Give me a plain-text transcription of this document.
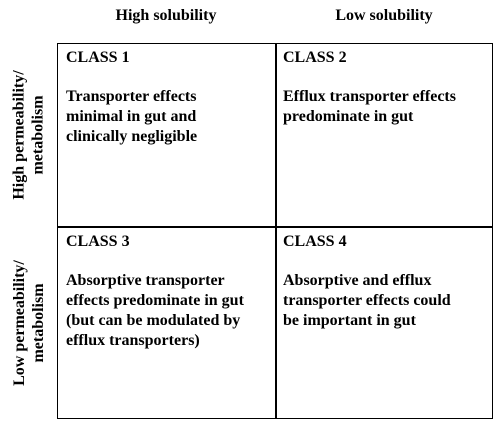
High solubility	Low solubility
High permeability/ metabolism
Low permeability/ metabolism
CLASS 1
Transporter effects
minimal in gut and
clinically negligible
CLASS 2
Efflux transporter effects
predominate in gut
CLASS 3
Absorptive transporter
effects predominate in gut
(but can be modulated by
efflux transporters)
CLASS 4
Absorptive and efflux
transporter effects could
be important in gut
